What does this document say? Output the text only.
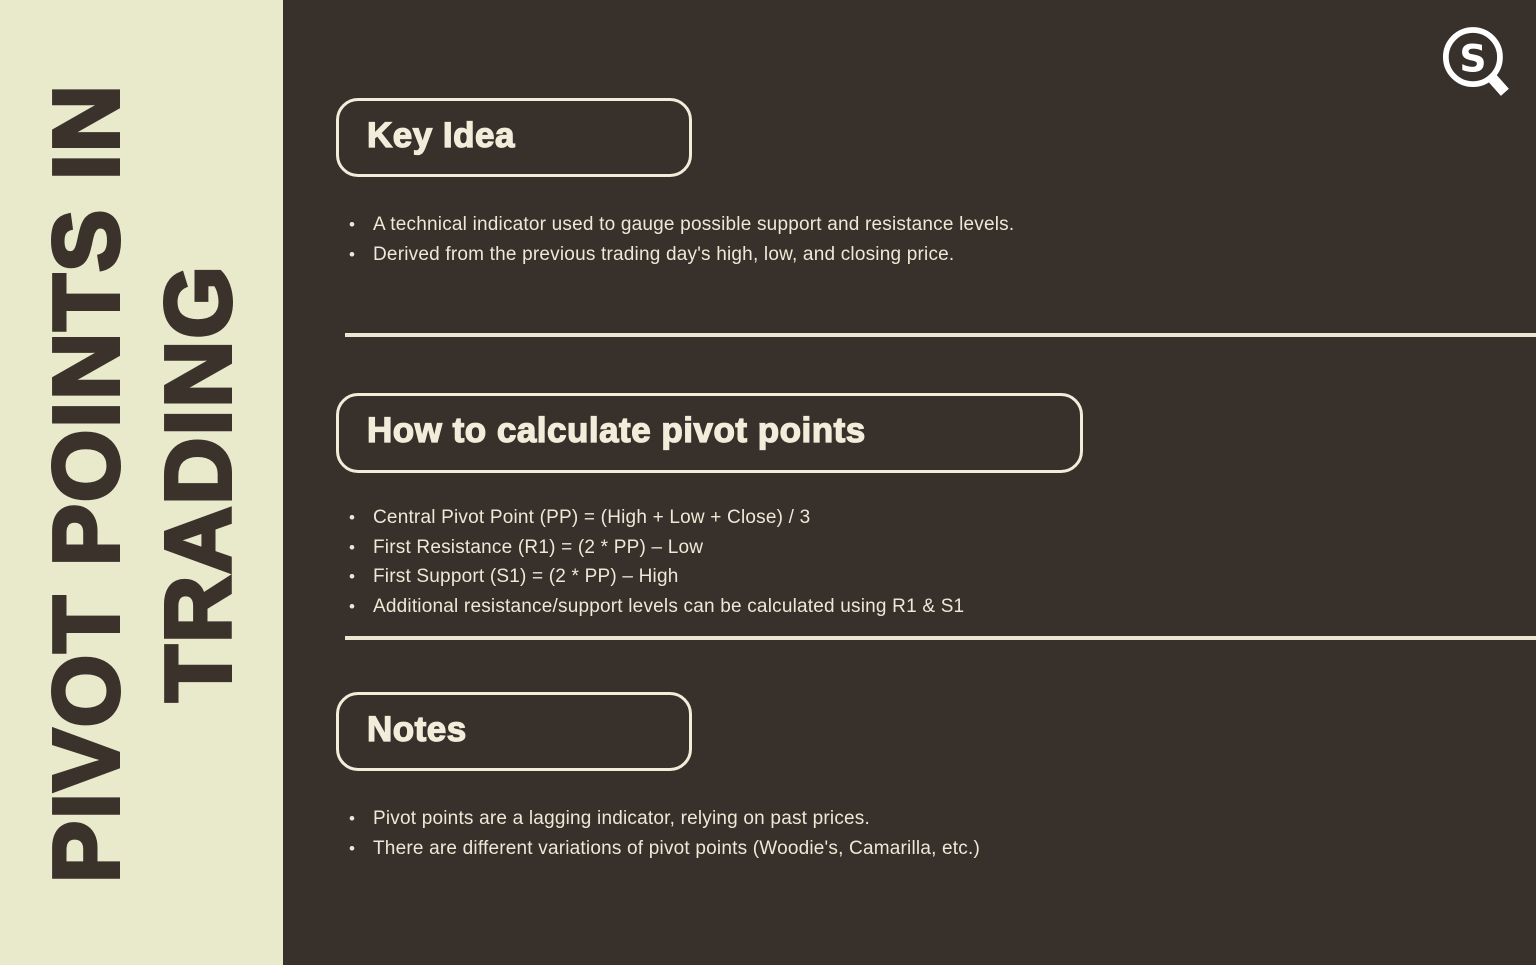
PIVOT POINTS IN TRADING
S
Key Idea
• A technical indicator used to gauge possible support and resistance levels.
• Derived from the previous trading day's high, low, and closing price.
How to calculate pivot points
• Central Pivot Point (PP) = (High + Low + Close) / 3
• First Resistance (R1) = (2 * PP) – Low
• First Support (S1) = (2 * PP) – High
• Additional resistance/support levels can be calculated using R1 & S1
Notes
• Pivot points are a lagging indicator, relying on past prices.
• There are different variations of pivot points (Woodie's, Camarilla, etc.)
